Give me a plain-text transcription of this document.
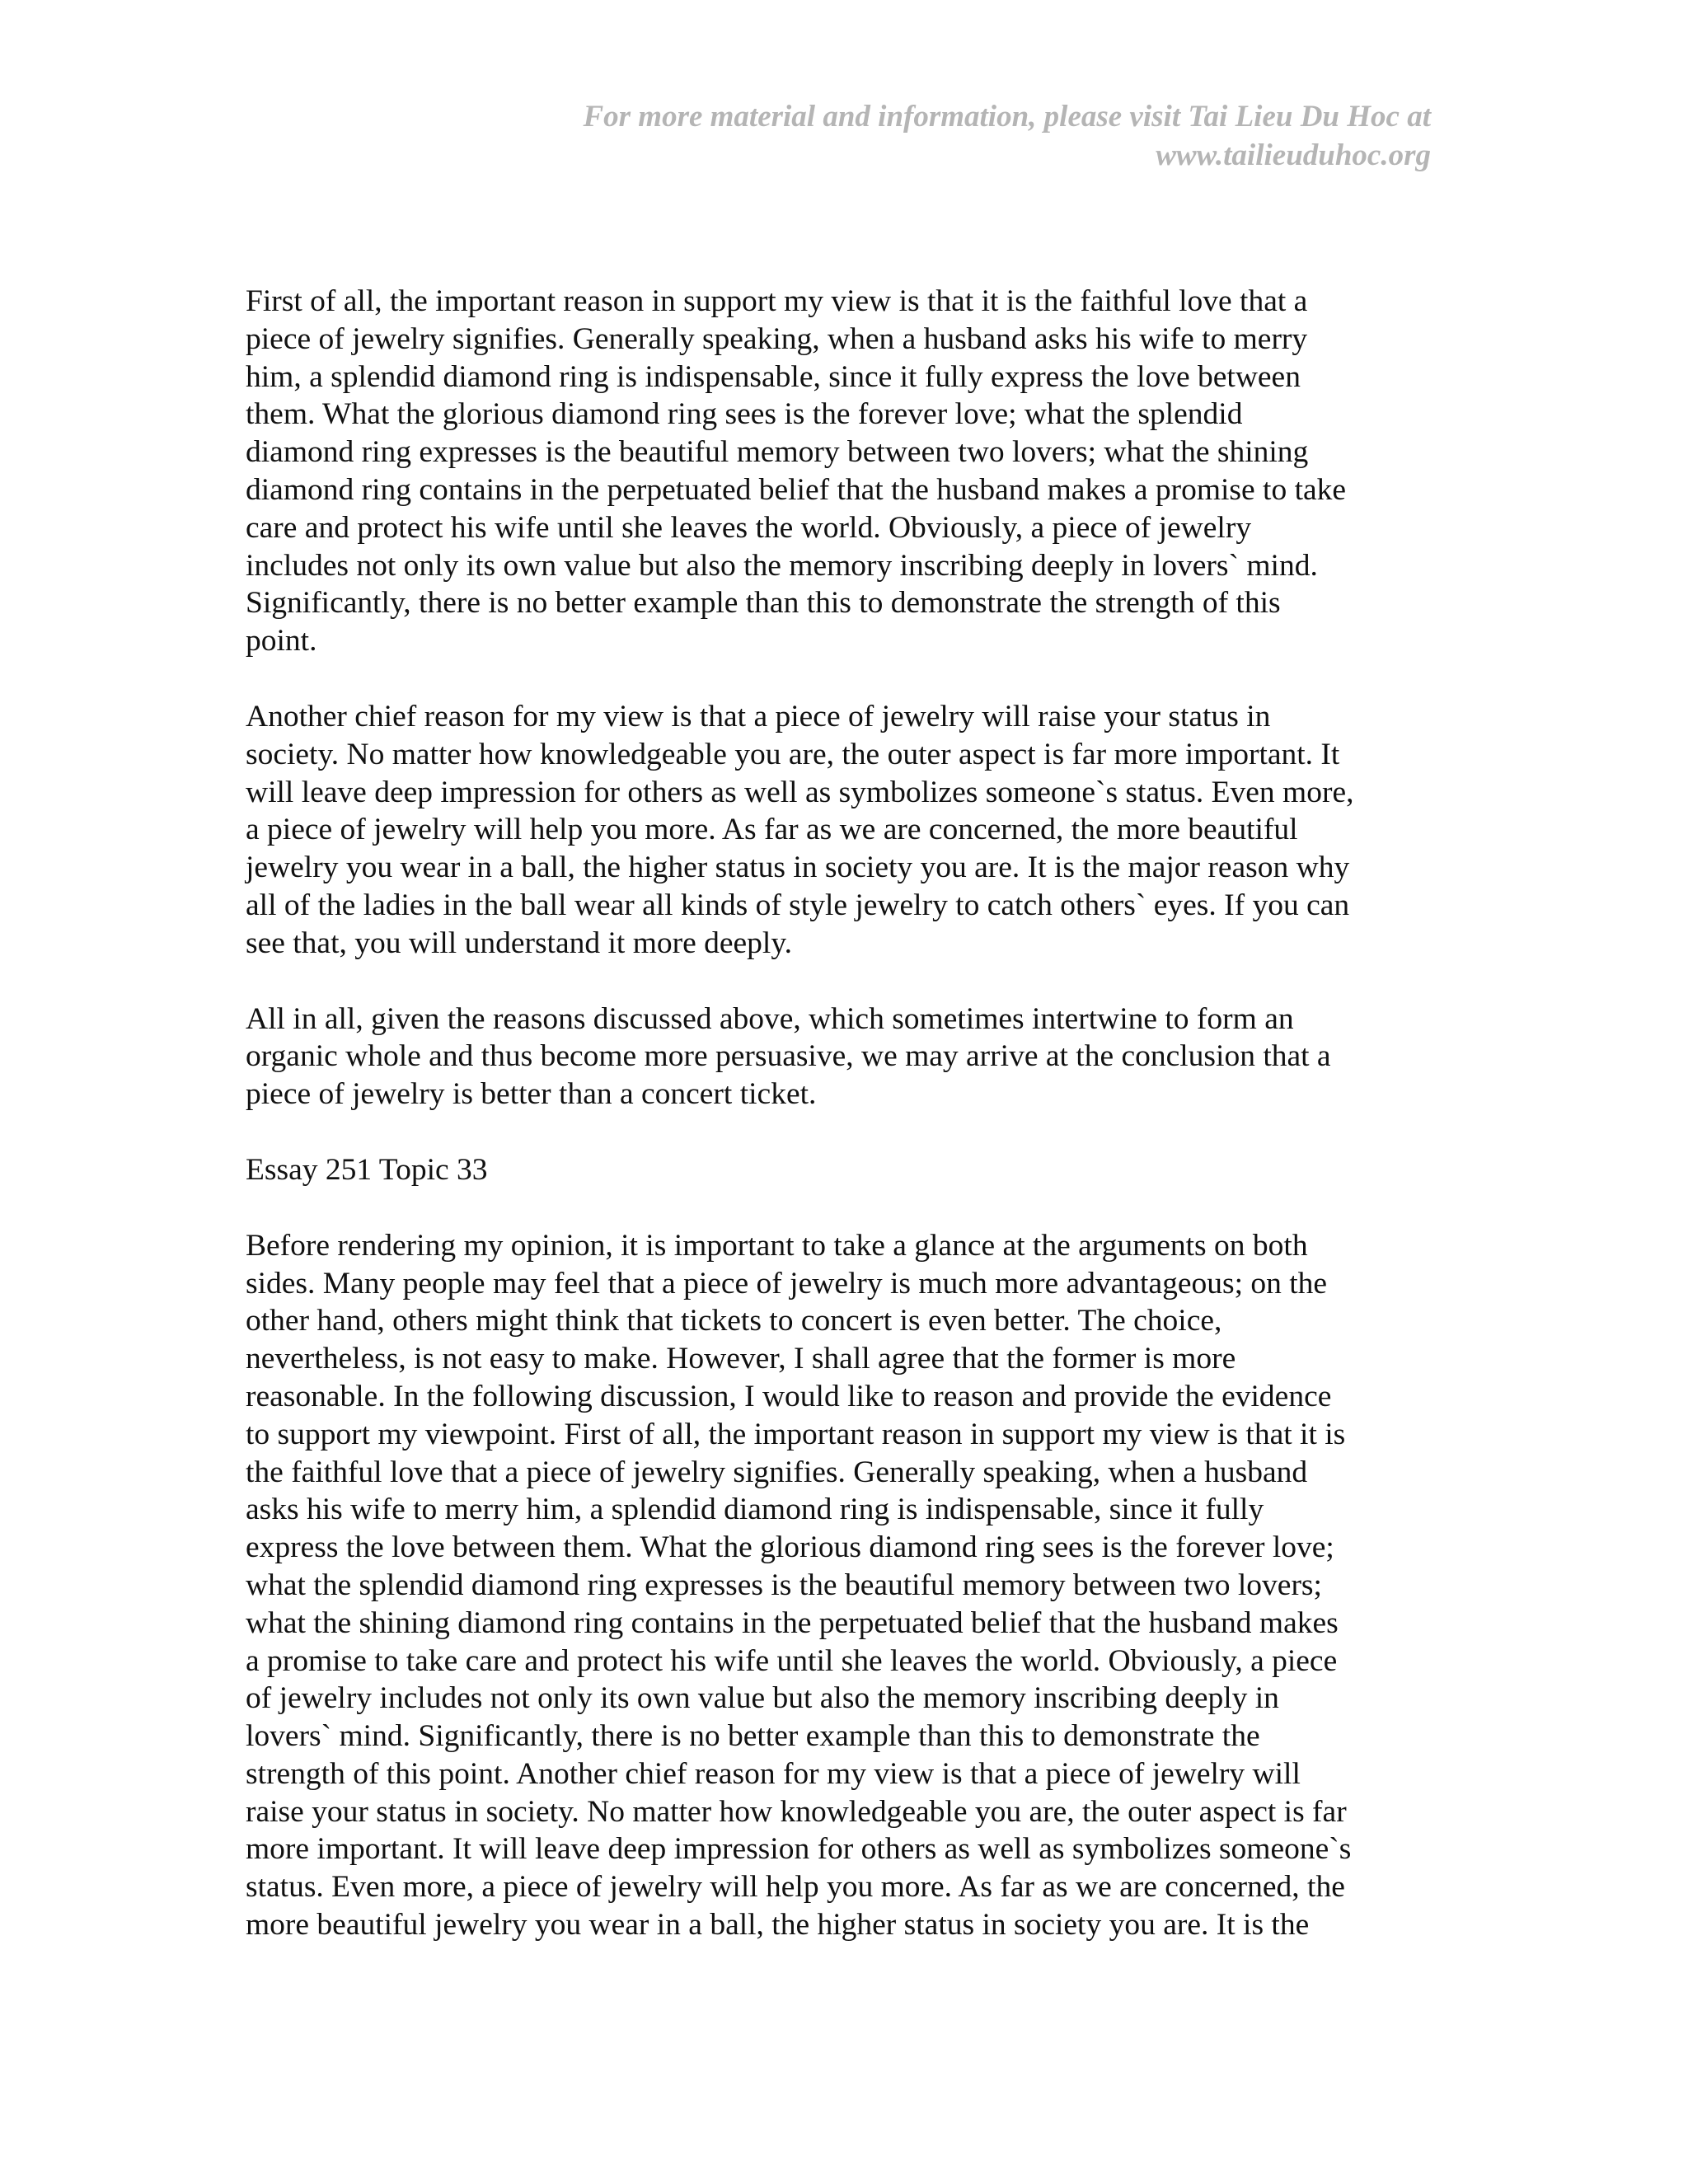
For more material and information, please visit Tai Lieu Du Hoc at
www.tailieuduhoc.org

First of all, the important reason in support my view is that it is the faithful love that a
piece of jewelry signifies. Generally speaking, when a husband asks his wife to merry
him, a splendid diamond ring is indispensable, since it fully express the love between
them. What the glorious diamond ring sees is the forever love; what the splendid
diamond ring expresses is the beautiful memory between two lovers; what the shining
diamond ring contains in the perpetuated belief that the husband makes a promise to take
care and protect his wife until she leaves the world. Obviously, a piece of jewelry
includes not only its own value but also the memory inscribing deeply in lovers` mind.
Significantly, there is no better example than this to demonstrate the strength of this
point.

Another chief reason for my view is that a piece of jewelry will raise your status in
society. No matter how knowledgeable you are, the outer aspect is far more important. It
will leave deep impression for others as well as symbolizes someone`s status. Even more,
a piece of jewelry will help you more. As far as we are concerned, the more beautiful
jewelry you wear in a ball, the higher status in society you are. It is the major reason why
all of the ladies in the ball wear all kinds of style jewelry to catch others` eyes. If you can
see that, you will understand it more deeply.

All in all, given the reasons discussed above, which sometimes intertwine to form an
organic whole and thus become more persuasive, we may arrive at the conclusion that a
piece of jewelry is better than a concert ticket.

Essay 251 Topic 33

Before rendering my opinion, it is important to take a glance at the arguments on both
sides. Many people may feel that a piece of jewelry is much more advantageous; on the
other hand, others might think that tickets to concert is even better. The choice,
nevertheless, is not easy to make. However, I shall agree that the former is more
reasonable. In the following discussion, I would like to reason and provide the evidence
to support my viewpoint. First of all, the important reason in support my view is that it is
the faithful love that a piece of jewelry signifies. Generally speaking, when a husband
asks his wife to merry him, a splendid diamond ring is indispensable, since it fully
express the love between them. What the glorious diamond ring sees is the forever love;
what the splendid diamond ring expresses is the beautiful memory between two lovers;
what the shining diamond ring contains in the perpetuated belief that the husband makes
a promise to take care and protect his wife until she leaves the world. Obviously, a piece
of jewelry includes not only its own value but also the memory inscribing deeply in
lovers` mind. Significantly, there is no better example than this to demonstrate the
strength of this point. Another chief reason for my view is that a piece of jewelry will
raise your status in society. No matter how knowledgeable you are, the outer aspect is far
more important. It will leave deep impression for others as well as symbolizes someone`s
status. Even more, a piece of jewelry will help you more. As far as we are concerned, the
more beautiful jewelry you wear in a ball, the higher status in society you are. It is the
